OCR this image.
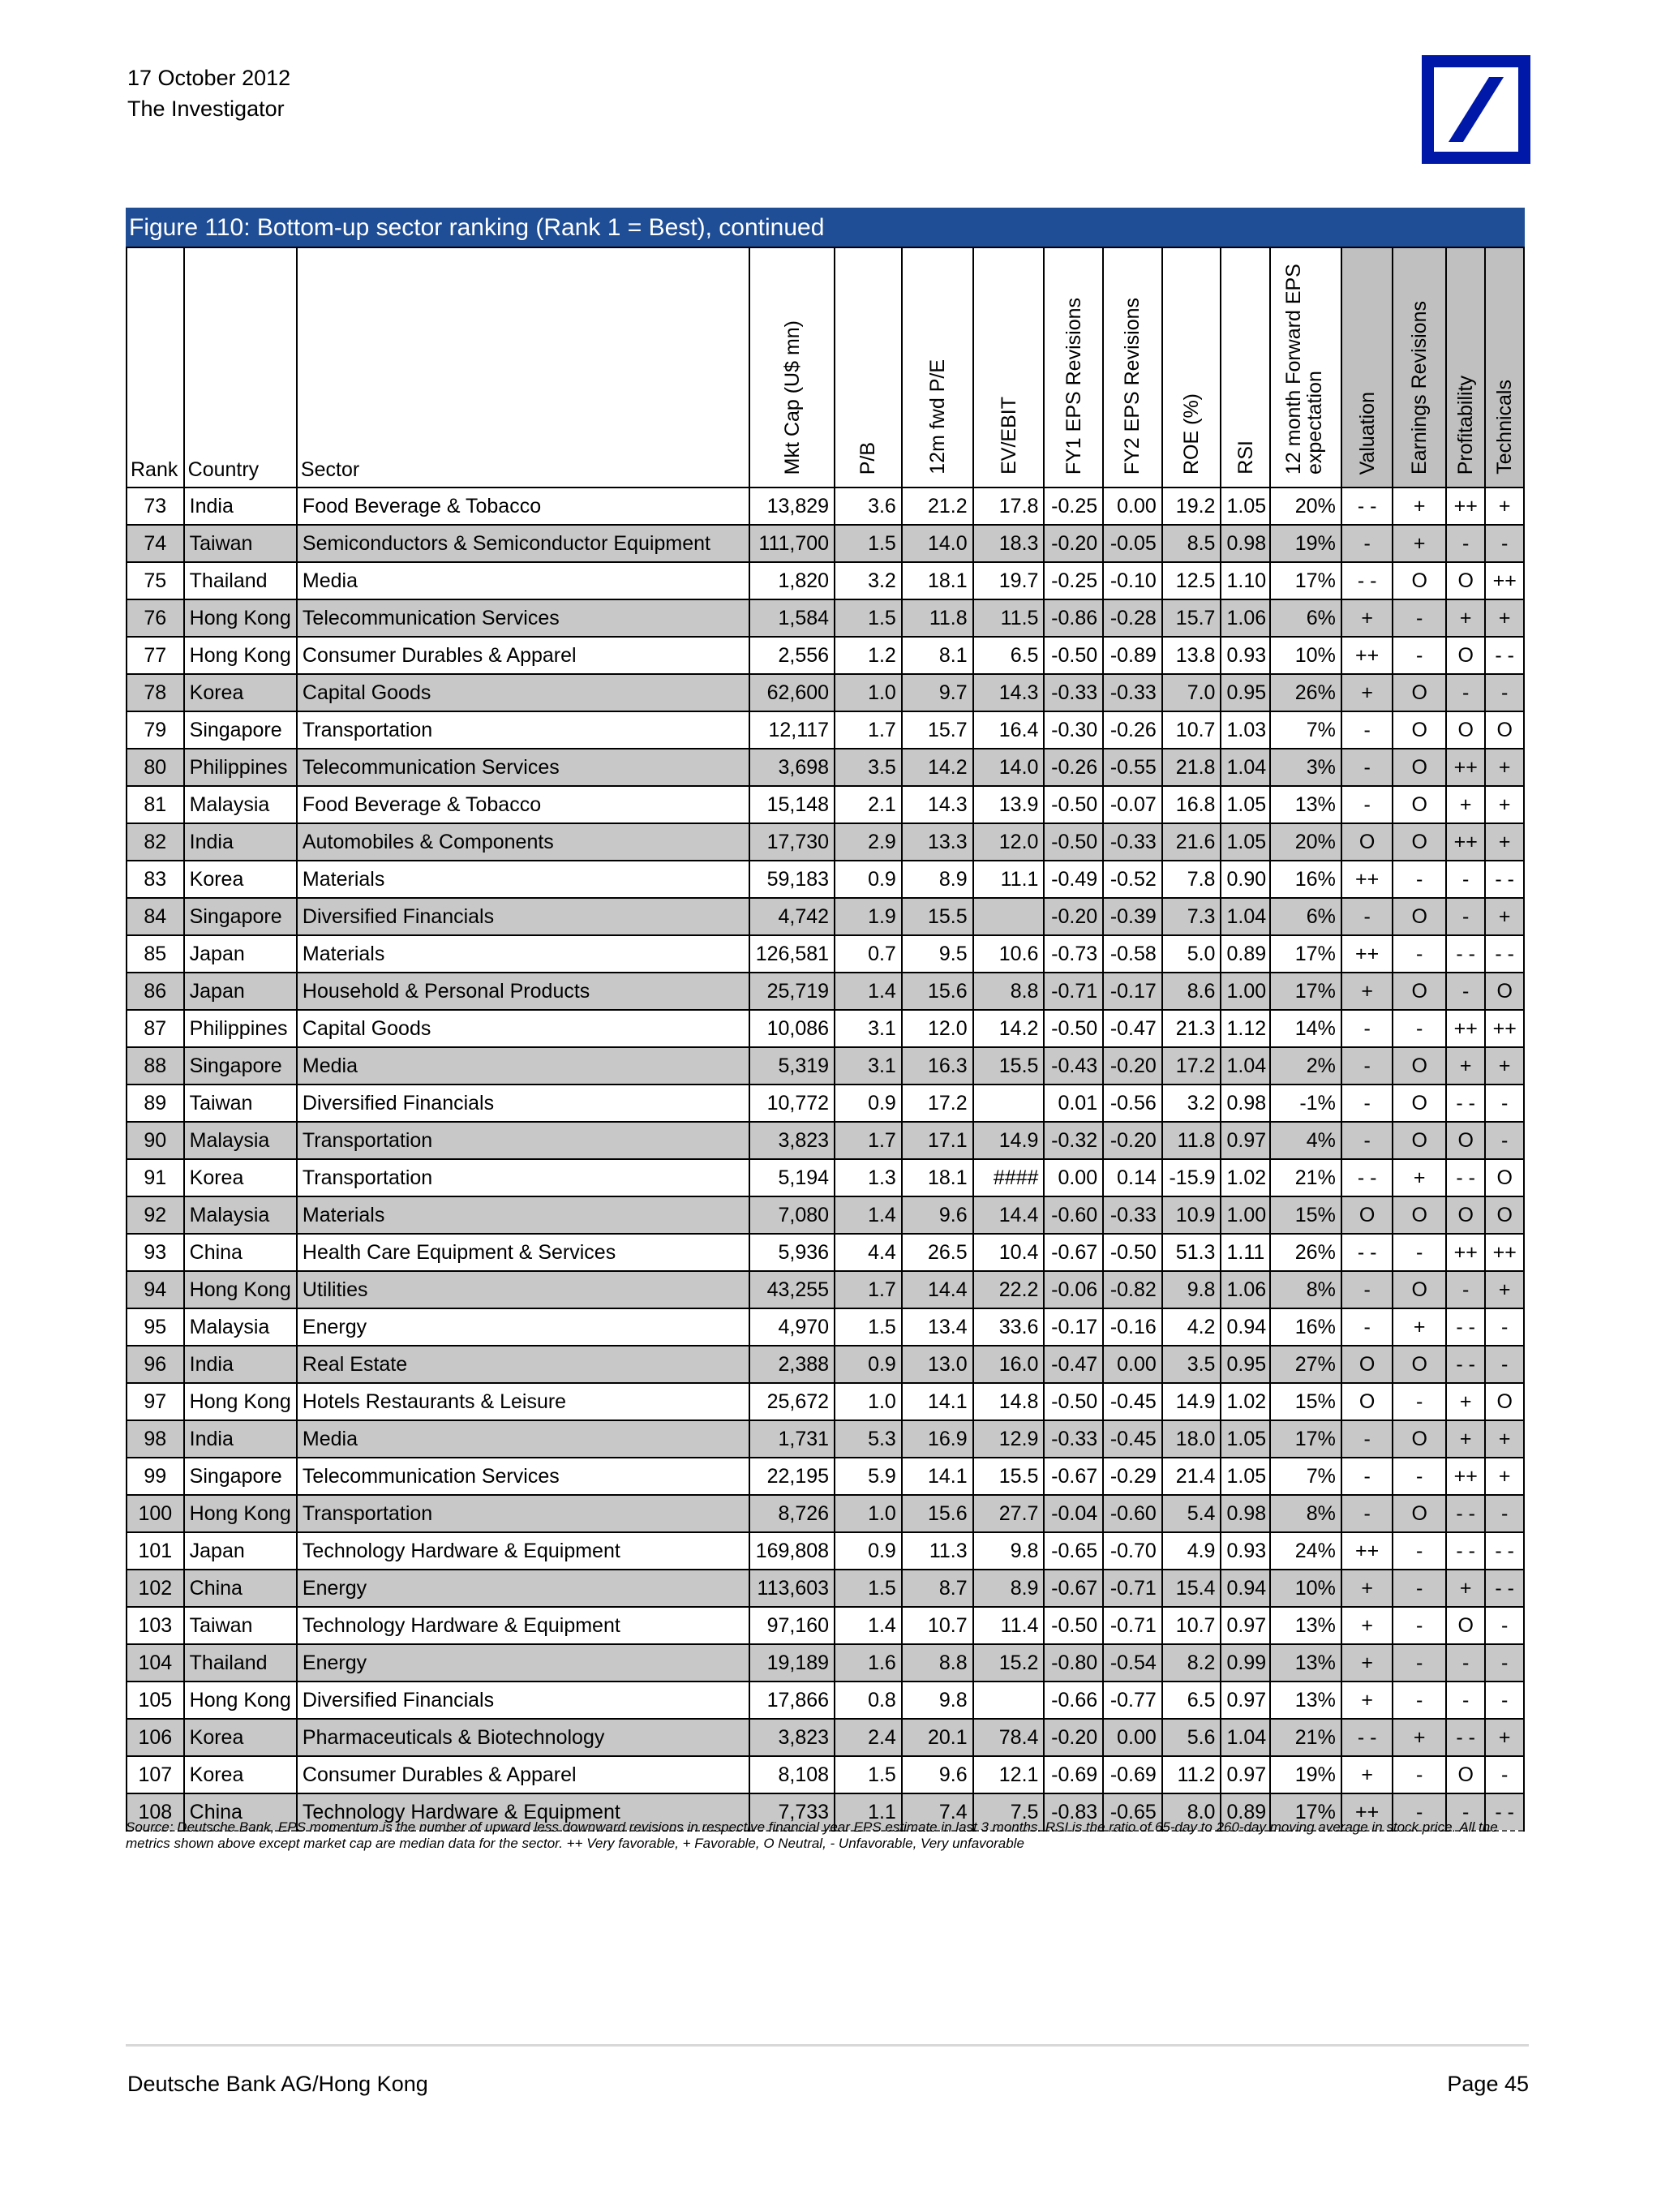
17 October 2012
The Investigator
Figure 110: Bottom-up sector ranking (Rank 1 = Best), continued
Rank	Country	Sector	Mkt Cap (U$ mn)	P/B	12m fwd P/E	EV/EBIT	FY1 EPS Revisions	FY2 EPS Revisions	ROE (%)	RSI	12 month Forward EPS expectation	Valuation	Earnings Revisions	Profitability	Technicals
73	India	Food Beverage & Tobacco	13,829	3.6	21.2	17.8	-0.25	0.00	19.2	1.05	20%	- -	+	++	+
74	Taiwan	Semiconductors & Semiconductor Equipment	111,700	1.5	14.0	18.3	-0.20	-0.05	8.5	0.98	19%	-	+	-	-
75	Thailand	Media	1,820	3.2	18.1	19.7	-0.25	-0.10	12.5	1.10	17%	- -	O	O	++
76	Hong Kong	Telecommunication Services	1,584	1.5	11.8	11.5	-0.86	-0.28	15.7	1.06	6%	+	-	+	+
77	Hong Kong	Consumer Durables & Apparel	2,556	1.2	8.1	6.5	-0.50	-0.89	13.8	0.93	10%	++	-	O	- -
78	Korea	Capital Goods	62,600	1.0	9.7	14.3	-0.33	-0.33	7.0	0.95	26%	+	O	-	-
79	Singapore	Transportation	12,117	1.7	15.7	16.4	-0.30	-0.26	10.7	1.03	7%	-	O	O	O
80	Philippines	Telecommunication Services	3,698	3.5	14.2	14.0	-0.26	-0.55	21.8	1.04	3%	-	O	++	+
81	Malaysia	Food Beverage & Tobacco	15,148	2.1	14.3	13.9	-0.50	-0.07	16.8	1.05	13%	-	O	+	+
82	India	Automobiles & Components	17,730	2.9	13.3	12.0	-0.50	-0.33	21.6	1.05	20%	O	O	++	+
83	Korea	Materials	59,183	0.9	8.9	11.1	-0.49	-0.52	7.8	0.90	16%	++	-	-	- -
84	Singapore	Diversified Financials	4,742	1.9	15.5		-0.20	-0.39	7.3	1.04	6%	-	O	-	+
85	Japan	Materials	126,581	0.7	9.5	10.6	-0.73	-0.58	5.0	0.89	17%	++	-	- -	- -
86	Japan	Household & Personal Products	25,719	1.4	15.6	8.8	-0.71	-0.17	8.6	1.00	17%	+	O	-	O
87	Philippines	Capital Goods	10,086	3.1	12.0	14.2	-0.50	-0.47	21.3	1.12	14%	-	-	++	++
88	Singapore	Media	5,319	3.1	16.3	15.5	-0.43	-0.20	17.2	1.04	2%	-	O	+	+
89	Taiwan	Diversified Financials	10,772	0.9	17.2		0.01	-0.56	3.2	0.98	-1%	-	O	- -	-
90	Malaysia	Transportation	3,823	1.7	17.1	14.9	-0.32	-0.20	11.8	0.97	4%	-	O	O	-
91	Korea	Transportation	5,194	1.3	18.1	####	0.00	0.14	-15.9	1.02	21%	- -	+	- -	O
92	Malaysia	Materials	7,080	1.4	9.6	14.4	-0.60	-0.33	10.9	1.00	15%	O	O	O	O
93	China	Health Care Equipment & Services	5,936	4.4	26.5	10.4	-0.67	-0.50	51.3	1.11	26%	- -	-	++	++
94	Hong Kong	Utilities	43,255	1.7	14.4	22.2	-0.06	-0.82	9.8	1.06	8%	-	O	-	+
95	Malaysia	Energy	4,970	1.5	13.4	33.6	-0.17	-0.16	4.2	0.94	16%	-	+	- -	-
96	India	Real Estate	2,388	0.9	13.0	16.0	-0.47	0.00	3.5	0.95	27%	O	O	- -	-
97	Hong Kong	Hotels Restaurants & Leisure	25,672	1.0	14.1	14.8	-0.50	-0.45	14.9	1.02	15%	O	-	+	O
98	India	Media	1,731	5.3	16.9	12.9	-0.33	-0.45	18.0	1.05	17%	-	O	+	+
99	Singapore	Telecommunication Services	22,195	5.9	14.1	15.5	-0.67	-0.29	21.4	1.05	7%	-	-	++	+
100	Hong Kong	Transportation	8,726	1.0	15.6	27.7	-0.04	-0.60	5.4	0.98	8%	-	O	- -	-
101	Japan	Technology Hardware & Equipment	169,808	0.9	11.3	9.8	-0.65	-0.70	4.9	0.93	24%	++	-	- -	- -
102	China	Energy	113,603	1.5	8.7	8.9	-0.67	-0.71	15.4	0.94	10%	+	-	+	- -
103	Taiwan	Technology Hardware & Equipment	97,160	1.4	10.7	11.4	-0.50	-0.71	10.7	0.97	13%	+	-	O	-
104	Thailand	Energy	19,189	1.6	8.8	15.2	-0.80	-0.54	8.2	0.99	13%	+	-	-	-
105	Hong Kong	Diversified Financials	17,866	0.8	9.8		-0.66	-0.77	6.5	0.97	13%	+	-	-	-
106	Korea	Pharmaceuticals & Biotechnology	3,823	2.4	20.1	78.4	-0.20	0.00	5.6	1.04	21%	- -	+	- -	+
107	Korea	Consumer Durables & Apparel	8,108	1.5	9.6	12.1	-0.69	-0.69	11.2	0.97	19%	+	-	O	-
108	China	Technology Hardware & Equipment	7,733	1.1	7.4	7.5	-0.83	-0.65	8.0	0.89	17%	++	-	-	- -
Source: Deutsche Bank, EPS momentum is the number of upward less downward revisions in respective financial year EPS estimate in last 3 months. RSI is the ratio of 65-day to 260-day moving average in stock price. All the metrics shown above except market cap are median data for the sector. ++ Very favorable, + Favorable, O Neutral, - Unfavorable, Very unfavorable
Deutsche Bank AG/Hong Kong	Page 45
